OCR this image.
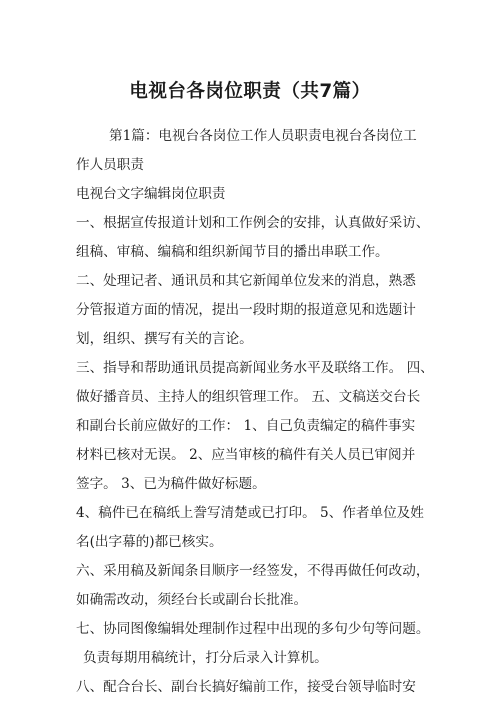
电视台各岗位职责（共7篇）
第1篇：电视台各岗位工作人员职责电视台各岗位工
作人员职责
电视台文字编辑岗位职责
一、根据宣传报道计划和工作例会的安排，认真做好采访、
组稿、审稿、编稿和组织新闻节目的播出串联工作。
二、处理记者、通讯员和其它新闻单位发来的消息，熟悉
分管报道方面的情况，提出一段时期的报道意见和选题计
划，组织、撰写有关的言论。
三、指导和帮助通讯员提高新闻业务水平及联络工作。 四、
做好播音员、主持人的组织管理工作。 五、文稿送交台长
和副台长前应做好的工作： 1、自己负责编定的稿件事实
材料已核对无误。 2、应当审核的稿件有关人员已审阅并
签字。 3、已为稿件做好标题。
4、稿件已在稿纸上誊写清楚或已打印。 5、作者单位及姓
名(出字幕的)都已核实。
六、采用稿及新闻条目顺序一经签发，不得再做任何改动，
如确需改动，须经台长或副台长批准。
七、协同图像编辑处理制作过程中出现的多句少句等问题。
负责每期用稿统计，打分后录入计算机。
八、配合台长、副台长搞好编前工作，接受台领导临时安
